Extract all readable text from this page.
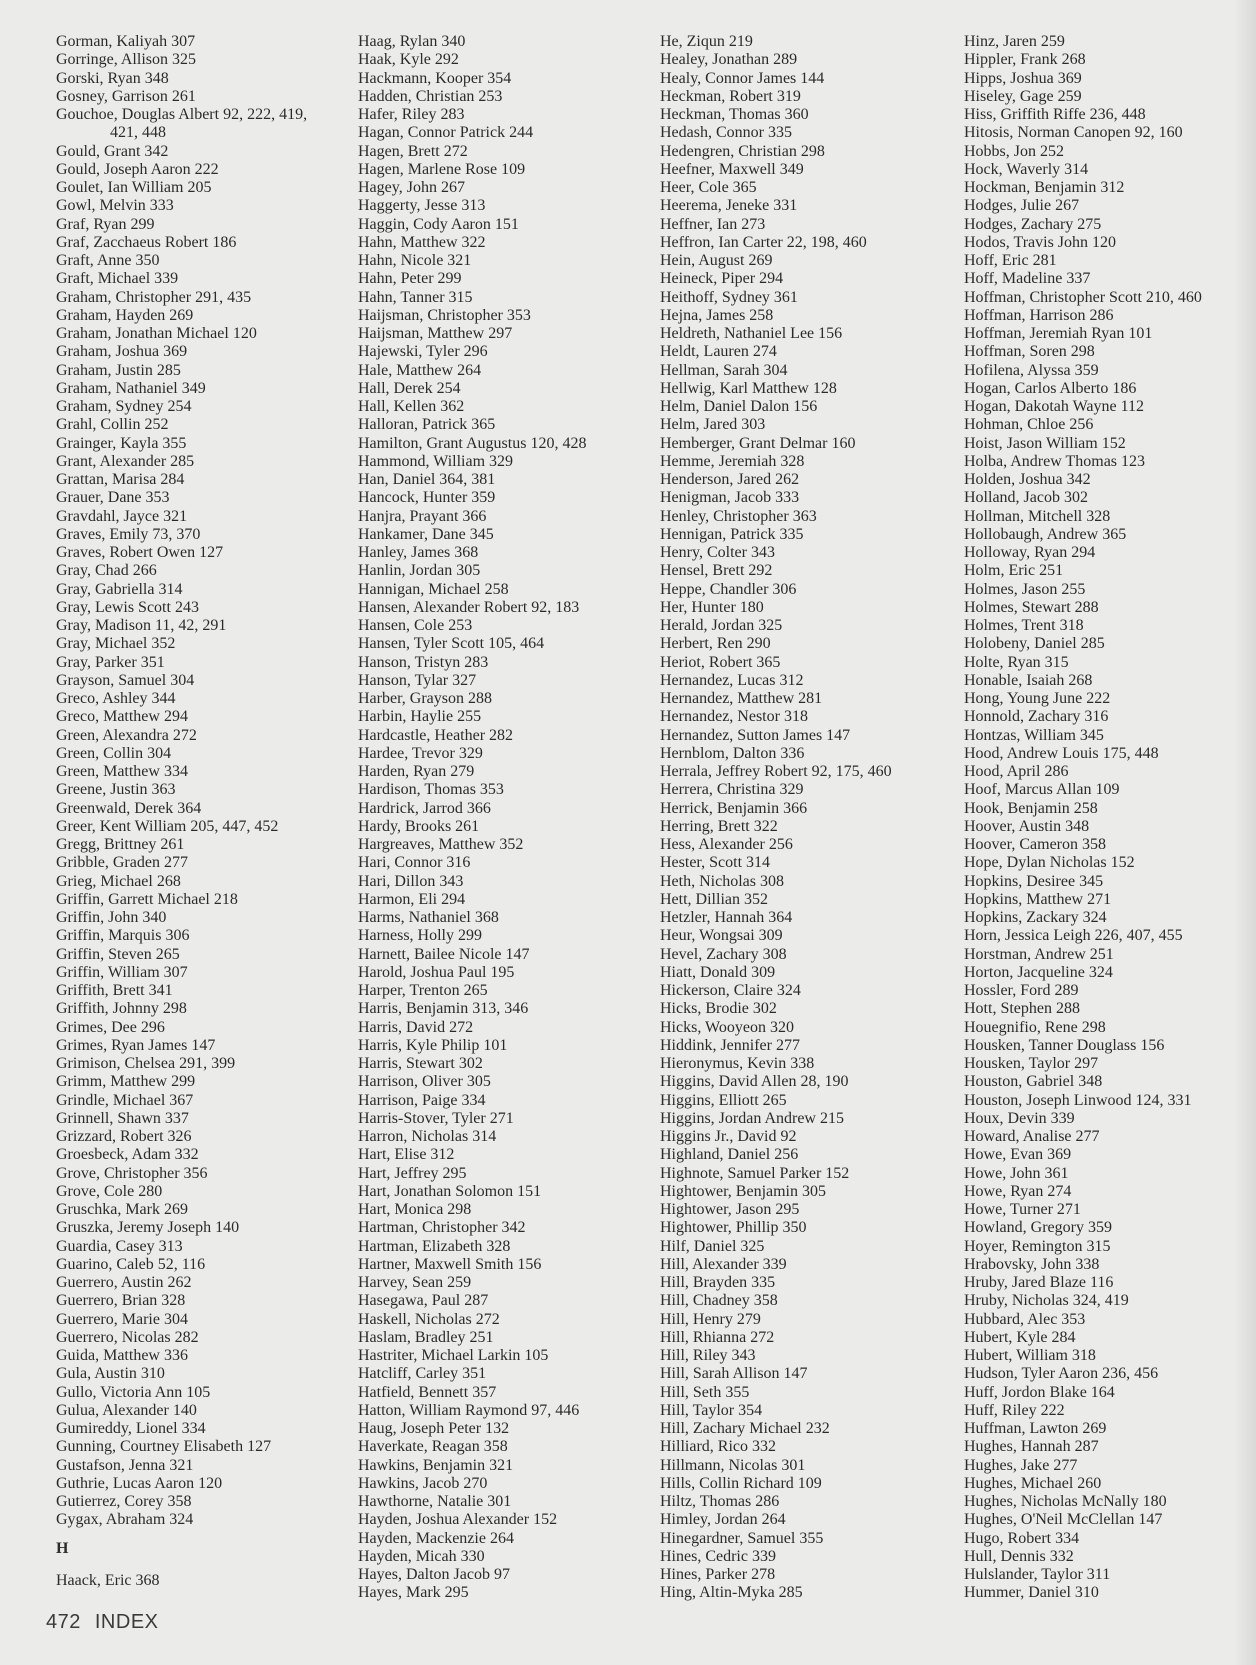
Gorman, Kaliyah 307
Gorringe, Allison 325
Gorski, Ryan 348
Gosney, Garrison 261
Gouchoe, Douglas Albert 92, 222, 419,
421, 448
Gould, Grant 342
Gould, Joseph Aaron 222
Goulet, Ian William 205
Gowl, Melvin 333
Graf, Ryan 299
Graf, Zacchaeus Robert 186
Graft, Anne 350
Graft, Michael 339
Graham, Christopher 291, 435
Graham, Hayden 269
Graham, Jonathan Michael 120
Graham, Joshua 369
Graham, Justin 285
Graham, Nathaniel 349
Graham, Sydney 254
Grahl, Collin 252
Grainger, Kayla 355
Grant, Alexander 285
Grattan, Marisa 284
Grauer, Dane 353
Gravdahl, Jayce 321
Graves, Emily 73, 370
Graves, Robert Owen 127
Gray, Chad 266
Gray, Gabriella 314
Gray, Lewis Scott 243
Gray, Madison 11, 42, 291
Gray, Michael 352
Gray, Parker 351
Grayson, Samuel 304
Greco, Ashley 344
Greco, Matthew 294
Green, Alexandra 272
Green, Collin 304
Green, Matthew 334
Greene, Justin 363
Greenwald, Derek 364
Greer, Kent William 205, 447, 452
Gregg, Brittney 261
Gribble, Graden 277
Grieg, Michael 268
Griffin, Garrett Michael 218
Griffin, John 340
Griffin, Marquis 306
Griffin, Steven 265
Griffin, William 307
Griffith, Brett 341
Griffith, Johnny 298
Grimes, Dee 296
Grimes, Ryan James 147
Grimison, Chelsea 291, 399
Grimm, Matthew 299
Grindle, Michael 367
Grinnell, Shawn 337
Grizzard, Robert 326
Groesbeck, Adam 332
Grove, Christopher 356
Grove, Cole 280
Gruschka, Mark 269
Gruszka, Jeremy Joseph 140
Guardia, Casey 313
Guarino, Caleb 52, 116
Guerrero, Austin 262
Guerrero, Brian 328
Guerrero, Marie 304
Guerrero, Nicolas 282
Guida, Matthew 336
Gula, Austin 310
Gullo, Victoria Ann 105
Gulua, Alexander 140
Gumireddy, Lionel 334
Gunning, Courtney Elisabeth 127
Gustafson, Jenna 321
Guthrie, Lucas Aaron 120
Gutierrez, Corey 358
Gygax, Abraham 324
H
Haack, Eric 368
Haag, Rylan 340
Haak, Kyle 292
Hackmann, Kooper 354
Hadden, Christian 253
Hafer, Riley 283
Hagan, Connor Patrick 244
Hagen, Brett 272
Hagen, Marlene Rose 109
Hagey, John 267
Haggerty, Jesse 313
Haggin, Cody Aaron 151
Hahn, Matthew 322
Hahn, Nicole 321
Hahn, Peter 299
Hahn, Tanner 315
Haijsman, Christopher 353
Haijsman, Matthew 297
Hajewski, Tyler 296
Hale, Matthew 264
Hall, Derek 254
Hall, Kellen 362
Halloran, Patrick 365
Hamilton, Grant Augustus 120, 428
Hammond, William 329
Han, Daniel 364, 381
Hancock, Hunter 359
Hanjra, Prayant 366
Hankamer, Dane 345
Hanley, James 368
Hanlin, Jordan 305
Hannigan, Michael 258
Hansen, Alexander Robert 92, 183
Hansen, Cole 253
Hansen, Tyler Scott 105, 464
Hanson, Tristyn 283
Hanson, Tylar 327
Harber, Grayson 288
Harbin, Haylie 255
Hardcastle, Heather 282
Hardee, Trevor 329
Harden, Ryan 279
Hardison, Thomas 353
Hardrick, Jarrod 366
Hardy, Brooks 261
Hargreaves, Matthew 352
Hari, Connor 316
Hari, Dillon 343
Harmon, Eli 294
Harms, Nathaniel 368
Harness, Holly 299
Harnett, Bailee Nicole 147
Harold, Joshua Paul 195
Harper, Trenton 265
Harris, Benjamin 313, 346
Harris, David 272
Harris, Kyle Philip 101
Harris, Stewart 302
Harrison, Oliver 305
Harrison, Paige 334
Harris-Stover, Tyler 271
Harron, Nicholas 314
Hart, Elise 312
Hart, Jeffrey 295
Hart, Jonathan Solomon 151
Hart, Monica 298
Hartman, Christopher 342
Hartman, Elizabeth 328
Hartner, Maxwell Smith 156
Harvey, Sean 259
Hasegawa, Paul 287
Haskell, Nicholas 272
Haslam, Bradley 251
Hastriter, Michael Larkin 105
Hatcliff, Carley 351
Hatfield, Bennett 357
Hatton, William Raymond 97, 446
Haug, Joseph Peter 132
Haverkate, Reagan 358
Hawkins, Benjamin 321
Hawkins, Jacob 270
Hawthorne, Natalie 301
Hayden, Joshua Alexander 152
Hayden, Mackenzie 264
Hayden, Micah 330
Hayes, Dalton Jacob 97
Hayes, Mark 295
He, Ziqun 219
Healey, Jonathan 289
Healy, Connor James 144
Heckman, Robert 319
Heckman, Thomas 360
Hedash, Connor 335
Hedengren, Christian 298
Heefner, Maxwell 349
Heer, Cole 365
Heerema, Jeneke 331
Heffner, Ian 273
Heffron, Ian Carter 22, 198, 460
Hein, August 269
Heineck, Piper 294
Heithoff, Sydney 361
Hejna, James 258
Heldreth, Nathaniel Lee 156
Heldt, Lauren 274
Hellman, Sarah 304
Hellwig, Karl Matthew 128
Helm, Daniel Dalon 156
Helm, Jared 303
Hemberger, Grant Delmar 160
Hemme, Jeremiah 328
Henderson, Jared 262
Henigman, Jacob 333
Henley, Christopher 363
Hennigan, Patrick 335
Henry, Colter 343
Hensel, Brett 292
Heppe, Chandler 306
Her, Hunter 180
Herald, Jordan 325
Herbert, Ren 290
Heriot, Robert 365
Hernandez, Lucas 312
Hernandez, Matthew 281
Hernandez, Nestor 318
Hernandez, Sutton James 147
Hernblom, Dalton 336
Herrala, Jeffrey Robert 92, 175, 460
Herrera, Christina 329
Herrick, Benjamin 366
Herring, Brett 322
Hess, Alexander 256
Hester, Scott 314
Heth, Nicholas 308
Hett, Dillian 352
Hetzler, Hannah 364
Heur, Wongsai 309
Hevel, Zachary 308
Hiatt, Donald 309
Hickerson, Claire 324
Hicks, Brodie 302
Hicks, Wooyeon 320
Hiddink, Jennifer 277
Hieronymus, Kevin 338
Higgins, David Allen 28, 190
Higgins, Elliott 265
Higgins, Jordan Andrew 215
Higgins Jr., David 92
Highland, Daniel 256
Highnote, Samuel Parker 152
Hightower, Benjamin 305
Hightower, Jason 295
Hightower, Phillip 350
Hilf, Daniel 325
Hill, Alexander 339
Hill, Brayden 335
Hill, Chadney 358
Hill, Henry 279
Hill, Rhianna 272
Hill, Riley 343
Hill, Sarah Allison 147
Hill, Seth 355
Hill, Taylor 354
Hill, Zachary Michael 232
Hilliard, Rico 332
Hillmann, Nicolas 301
Hills, Collin Richard 109
Hiltz, Thomas 286
Himley, Jordan 264
Hinegardner, Samuel 355
Hines, Cedric 339
Hines, Parker 278
Hing, Altin-Myka 285
Hinz, Jaren 259
Hippler, Frank 268
Hipps, Joshua 369
Hiseley, Gage 259
Hiss, Griffith Riffe 236, 448
Hitosis, Norman Canopen 92, 160
Hobbs, Jon 252
Hock, Waverly 314
Hockman, Benjamin 312
Hodges, Julie 267
Hodges, Zachary 275
Hodos, Travis John 120
Hoff, Eric 281
Hoff, Madeline 337
Hoffman, Christopher Scott 210, 460
Hoffman, Harrison 286
Hoffman, Jeremiah Ryan 101
Hoffman, Soren 298
Hofilena, Alyssa 359
Hogan, Carlos Alberto 186
Hogan, Dakotah Wayne 112
Hohman, Chloe 256
Hoist, Jason William 152
Holba, Andrew Thomas 123
Holden, Joshua 342
Holland, Jacob 302
Hollman, Mitchell 328
Hollobaugh, Andrew 365
Holloway, Ryan 294
Holm, Eric 251
Holmes, Jason 255
Holmes, Stewart 288
Holmes, Trent 318
Holobeny, Daniel 285
Holte, Ryan 315
Honable, Isaiah 268
Hong, Young June 222
Honnold, Zachary 316
Hontzas, William 345
Hood, Andrew Louis 175, 448
Hood, April 286
Hoof, Marcus Allan 109
Hook, Benjamin 258
Hoover, Austin 348
Hoover, Cameron 358
Hope, Dylan Nicholas 152
Hopkins, Desiree 345
Hopkins, Matthew 271
Hopkins, Zackary 324
Horn, Jessica Leigh 226, 407, 455
Horstman, Andrew 251
Horton, Jacqueline 324
Hossler, Ford 289
Hott, Stephen 288
Houegnifio, Rene 298
Housken, Tanner Douglass 156
Housken, Taylor 297
Houston, Gabriel 348
Houston, Joseph Linwood 124, 331
Houx, Devin 339
Howard, Analise 277
Howe, Evan 369
Howe, John 361
Howe, Ryan 274
Howe, Turner 271
Howland, Gregory 359
Hoyer, Remington 315
Hrabovsky, John 338
Hruby, Jared Blaze 116
Hruby, Nicholas 324, 419
Hubbard, Alec 353
Hubert, Kyle 284
Hubert, William 318
Hudson, Tyler Aaron 236, 456
Huff, Jordon Blake 164
Huff, Riley 222
Huffman, Lawton 269
Hughes, Hannah 287
Hughes, Jake 277
Hughes, Michael 260
Hughes, Nicholas McNally 180
Hughes, O'Neil McClellan 147
Hugo, Robert 334
Hull, Dennis 332
Hulslander, Taylor 311
Hummer, Daniel 310
472 INDEX
